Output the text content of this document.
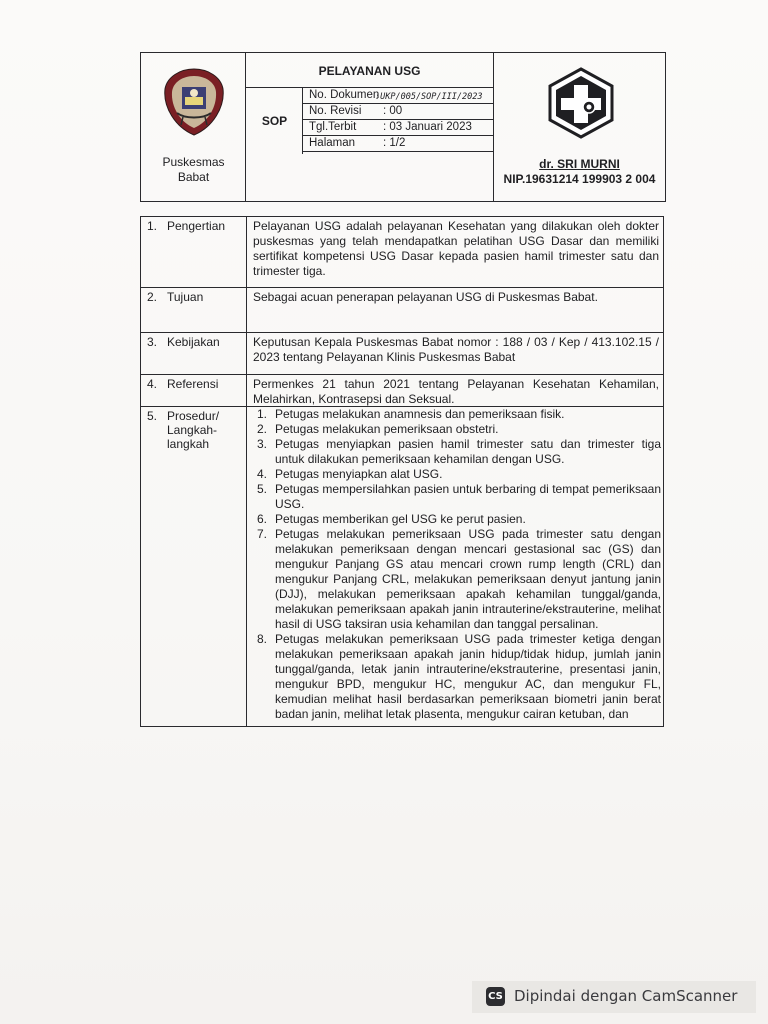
Puskesmas
Babat
PELAYANAN USG
SOP
No. Dokumen
:UKP/005/SOP/III/2023
No. Revisi : 00
Tgl.Terbit : 03 Januari 2023
Halaman : 1/2
dr. SRI MURNI
NIP.19631214 199903 2 004
1. Pengertian	Pelayanan USG adalah pelayanan Kesehatan yang dilakukan oleh dokter puskesmas yang telah mendapatkan pelatihan USG Dasar dan memiliki sertifikat kompetensi USG Dasar kepada pasien hamil trimester satu dan trimester tiga.
2. Tujuan	Sebagai acuan penerapan pelayanan USG di Puskesmas Babat.
3. Kebijakan	Keputusan Kepala Puskesmas Babat nomor : 188 / 03 / Kep / 413.102.15 / 2023 tentang Pelayanan Klinis Puskesmas Babat
4. Referensi	Permenkes 21 tahun 2021 tentang Pelayanan Kesehatan Kehamilan, Melahirkan, Kontrasepsi dan Seksual.
5. Prosedur/
Langkah-
langkah
1. Petugas melakukan anamnesis dan pemeriksaan fisik.
2. Petugas melakukan pemeriksaan obstetri.
3. Petugas menyiapkan pasien hamil trimester satu dan trimester tiga untuk dilakukan pemeriksaan kehamilan dengan USG.
4. Petugas menyiapkan alat USG.
5. Petugas mempersilahkan pasien untuk berbaring di tempat pemeriksaan USG.
6. Petugas memberikan gel USG ke perut pasien.
7. Petugas melakukan pemeriksaan USG pada trimester satu dengan melakukan pemeriksaan dengan mencari gestasional sac (GS) dan mengukur Panjang GS atau mencari crown rump length (CRL) dan mengukur Panjang CRL, melakukan pemeriksaan denyut jantung janin (DJJ), melakukan pemeriksaan apakah kehamilan tunggal/ganda, melakukan pemeriksaan apakah janin intrauterine/ekstrauterine, melihat hasil di USG taksiran usia kehamilan dan tanggal persalinan.
8. Petugas melakukan pemeriksaan USG pada trimester ketiga dengan melakukan pemeriksaan apakah janin hidup/tidak hidup, jumlah janin tunggal/ganda, letak janin intrauterine/ekstrauterine, presentasi janin, mengukur BPD, mengukur HC, mengukur AC, dan mengukur FL, kemudian melihat hasil berdasarkan pemeriksaan biometri janin berat badan janin, melihat letak plasenta, mengukur cairan ketuban, dan
CS Dipindai dengan CamScanner
